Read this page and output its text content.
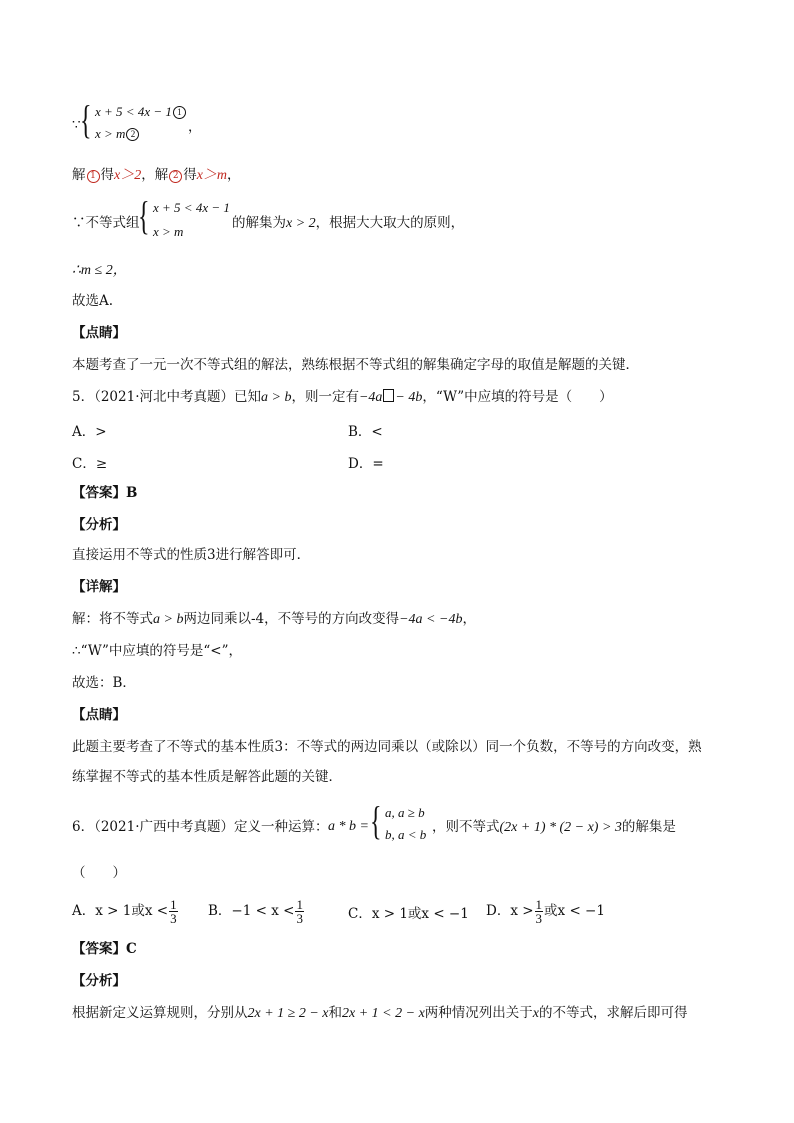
∵ { x + 5 < 4x − 1 1
x > m 2	，
解 1 得x＞2，解 2 得x＞m，
∵不等式组
{ x + 5 < 4x − 1
x > m
的解集为x > 2，根据大大取大的原则，
∴m ≤ 2，
故选A.
【点睛】
本题考查了一元一次不等式组的解法，熟练根据不等式组的解集确定字母的取值是解题的关键．
5．（2021·河北中考真题）已知a > b，则一定有−4a − 4b，“W”中应填的符号是（　　）
A．>	B．<
C．≥	D．=
【答案】B
【分析】
直接运用不等式的性质3进行解答即可．
【详解】
解：将不等式a > b两边同乘以-4，不等号的方向改变得−4a < −4b，
∴“W”中应填的符号是“<”，
故选：B．
【点睛】
此题主要考查了不等式的基本性质3：不等式的两边同乘以（或除以）同一个负数，不等号的方向改变，熟
练掌握不等式的基本性质是解答此题的关键．
6．（2021·广西中考真题）定义一种运算： a * b = { a, a ≥ b
b, a < b ，则不等式(2x + 1) * (2 − x) > 3的解集是
（　　）
A．x > 1或$x < \frac{1}{3}$ B．$-1 < x < \frac{1}{3}$	C．x > 1或x < −1 D．$x > \frac{1}{3}$ 或x < −1
【答案】C
【分析】
根据新定义运算规则，分别从2x + 1 ≥ 2 − x和2x + 1 < 2 − x两种情况列出关于x的不等式，求解后即可得
